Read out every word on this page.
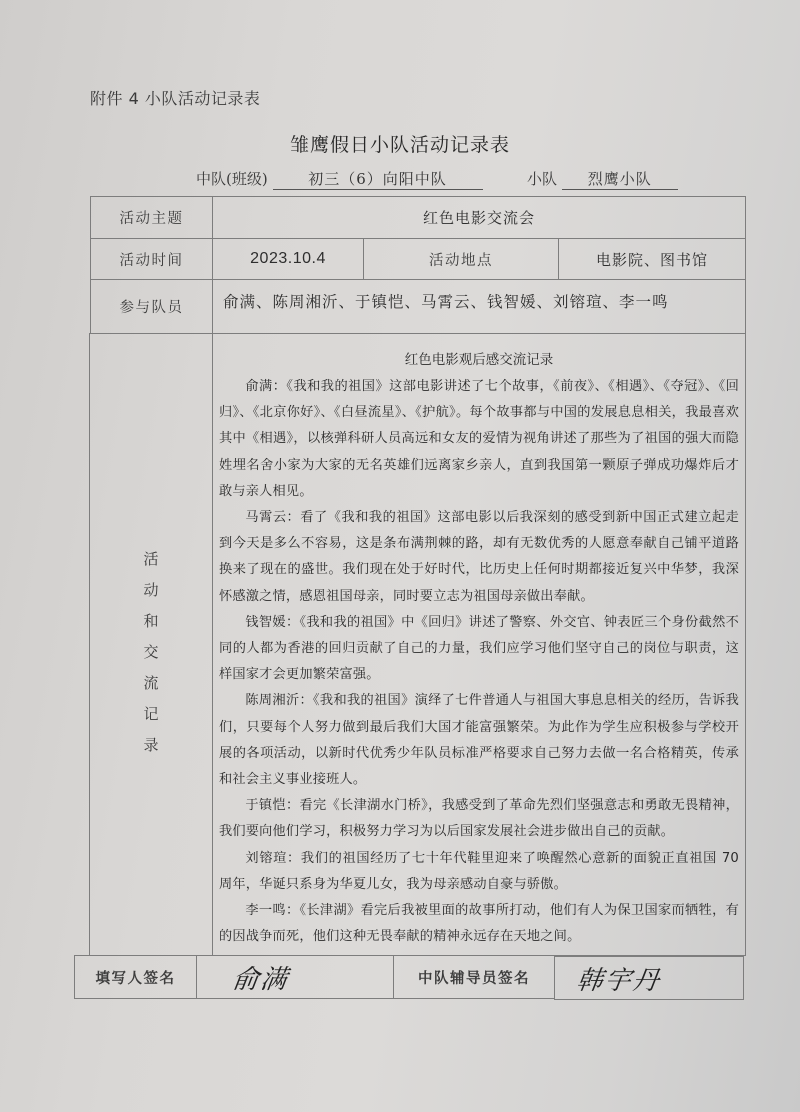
附件 4 小队活动记录表
雏鹰假日小队活动记录表
中队(班级)	初三（6）向阳中队	小队 烈鹰小队
活动主题	红色电影交流会
活动时间	2023.10.4	活动地点	电影院、图书馆
参与队员	俞满、陈周湘沂、于镇恺、马霄云、钱智媛、刘镕瑄、李一鸣
活动和交流记录
红色电影观后感交流记录

俞满：《我和我的祖国》这部电影讲述了七个故事，《前夜》、《相遇》、《夺冠》、《回归》、《北京你好》、《白昼流星》、《护航》。每个故事都与中国的发展息息相关，我最喜欢其中《相遇》，以核弹科研人员高远和女友的爱情为视角讲述了那些为了祖国的强大而隐姓埋名舍小家为大家的无名英雄们远离家乡亲人，直到我国第一颗原子弹成功爆炸后才敢与亲人相见。

马霄云：看了《我和我的祖国》这部电影以后我深刻的感受到新中国正式建立起走到今天是多么不容易，这是条布满荆棘的路，却有无数优秀的人愿意奉献自己铺平道路换来了现在的盛世。我们现在处于好时代，比历史上任何时期都接近复兴中华梦，我深怀感激之情，感恩祖国母亲，同时要立志为祖国母亲做出奉献。

钱智媛：《我和我的祖国》中《回归》讲述了警察、外交官、钟表匠三个身份截然不同的人都为香港的回归贡献了自己的力量，我们应学习他们坚守自己的岗位与职责，这样国家才会更加繁荣富强。

陈周湘沂：《我和我的祖国》演绎了七件普通人与祖国大事息息相关的经历，告诉我们，只要每个人努力做到最后我们大国才能富强繁荣。为此作为学生应积极参与学校开展的各项活动，以新时代优秀少年队员标准严格要求自己努力去做一名合格精英，传承和社会主义事业接班人。

于镇恺：看完《长津湖水门桥》，我感受到了革命先烈们坚强意志和勇敢无畏精神，我们要向他们学习，积极努力学习为以后国家发展社会进步做出自己的贡献。

刘镕瑄：我们的祖国经历了七十年代鞋里迎来了唤醒然心意新的面貌正直祖国 70 周年，华诞只系身为华夏儿女，我为母亲感动自豪与骄傲。

李一鸣：《长津湖》看完后我被里面的故事所打动，他们有人为保卫国家而牺牲，有的因战争而死，他们这种无畏奉献的精神永远存在天地之间。

填写人签名 俞满	中队辅导员签名 韩宇丹
